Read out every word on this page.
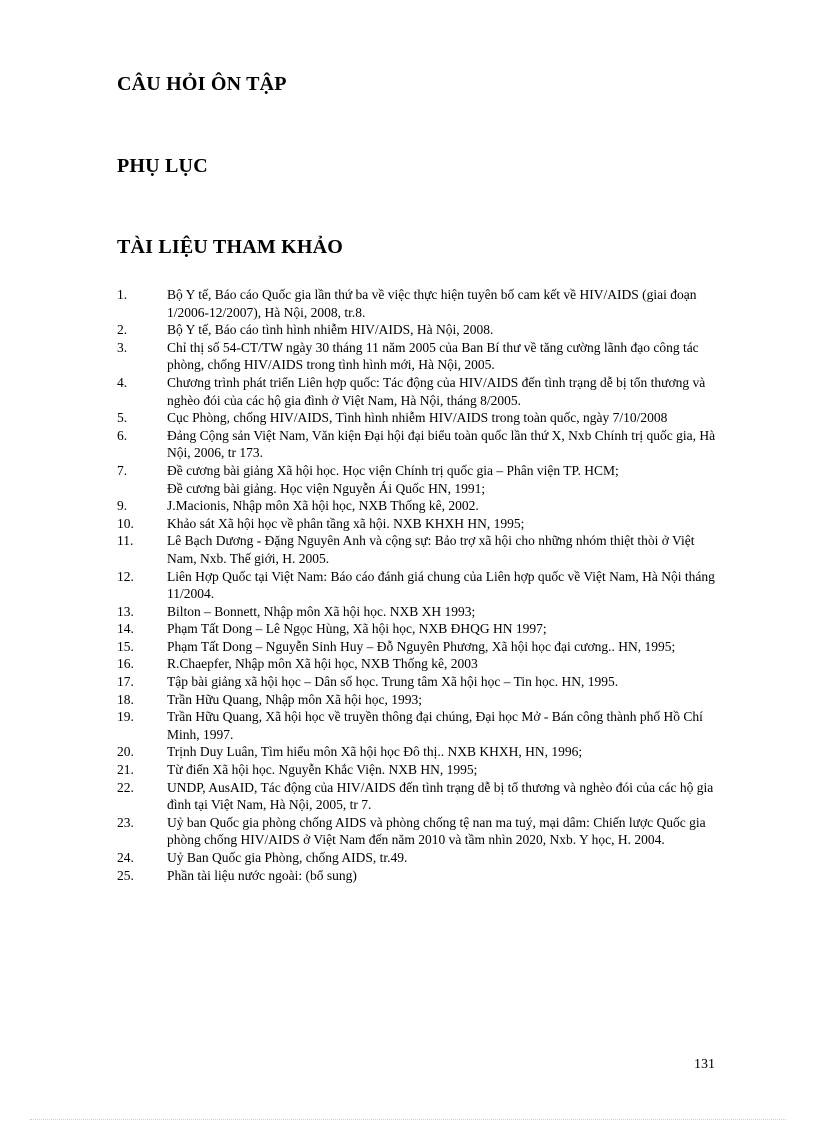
CÂU HỎI ÔN TẬP
PHỤ LỤC
TÀI LIỆU THAM KHẢO
1.	Bộ Y tế, Báo cáo Quốc gia lần thứ ba về việc thực hiện tuyên bố cam kết về HIV/AIDS (giai đoạn 1/2006-12/2007), Hà Nội, 2008, tr.8.
2.	Bộ Y tế, Báo cáo tình hình nhiễm HIV/AIDS, Hà Nội, 2008.
3.	Chỉ thị số 54-CT/TW ngày 30 tháng 11 năm 2005 của Ban Bí thư về tăng cường lãnh đạo công tác phòng, chống HIV/AIDS trong tình hình mới, Hà Nội, 2005.
4.	Chương trình phát triển Liên hợp quốc: Tác động của HIV/AIDS đến tình trạng dễ bị tổn thương và nghèo đói của các hộ gia đình ở Việt Nam, Hà Nội, tháng 8/2005.
5.	Cục Phòng, chống HIV/AIDS, Tình hình nhiễm HIV/AIDS trong toàn quốc, ngày 7/10/2008
6.	Đảng Cộng sản Việt Nam, Văn kiện Đại hội đại biểu toàn quốc lần thứ X, Nxb Chính trị quốc gia, Hà Nội, 2006, tr 173.
7.	Đề cương bài giảng Xã hội học. Học viện Chính trị quốc gia – Phân viện TP. HCM;
Đề cương bài giảng. Học viện Nguyễn Ái Quốc HN, 1991;
9.	J.Macionis, Nhập môn Xã hội học, NXB Thống kê, 2002.
10. Khảo sát Xã hội học về phân tầng xã hội. NXB KHXH HN, 1995;
11. Lê Bạch Dương - Đặng Nguyên Anh và cộng sự: Bảo trợ xã hội cho những nhóm thiệt thòi ở Việt Nam, Nxb. Thế giới, H. 2005.
12. Liên Hợp Quốc tại Việt Nam: Báo cáo đánh giá chung của Liên hợp quốc về Việt Nam, Hà Nội tháng 11/2004.
13. Bilton – Bonnett, Nhập môn Xã hội học. NXB XH 1993;
14. Phạm Tất Dong – Lê Ngọc Hùng, Xã hội học, NXB ĐHQG HN 1997;
15. Phạm Tất Dong – Nguyễn Sinh Huy – Đỗ Nguyên Phương, Xã hội học đại cương.. HN, 1995;
16. R.Chaepfer, Nhập môn Xã hội học, NXB Thống kê, 2003
17. Tập bài giảng xã hội học – Dân số học. Trung tâm Xã hội học – Tin học. HN, 1995.
18. Trần Hữu Quang, Nhập môn Xã hội học, 1993;
19. Trần Hữu Quang, Xã hội học về truyền thông đại chúng, Đại học Mở - Bán công thành phố Hồ Chí Minh, 1997.
20. Trịnh Duy Luân, Tìm hiểu môn Xã hội học Đô thị.. NXB KHXH, HN, 1996;
21. Từ điển Xã hội học. Nguyễn Khắc Viện. NXB HN, 1995;
22. UNDP, AusAID, Tác động của HIV/AIDS đến tình trạng dễ bị tổ thương và nghèo đói của các hộ gia đình tại Việt Nam, Hà Nội, 2005, tr 7.
23. Uỷ ban Quốc gia phòng chống AIDS và phòng chống tệ nan ma tuý, mại dâm: Chiến lược Quốc gia phòng chống HIV/AIDS ở Việt Nam đến năm 2010 và tầm nhìn 2020, Nxb. Y học, H. 2004.
24. Uỷ Ban Quốc gia Phòng, chống AIDS, tr.49.
25. Phần tài liệu nước ngoài: (bổ sung)
131
